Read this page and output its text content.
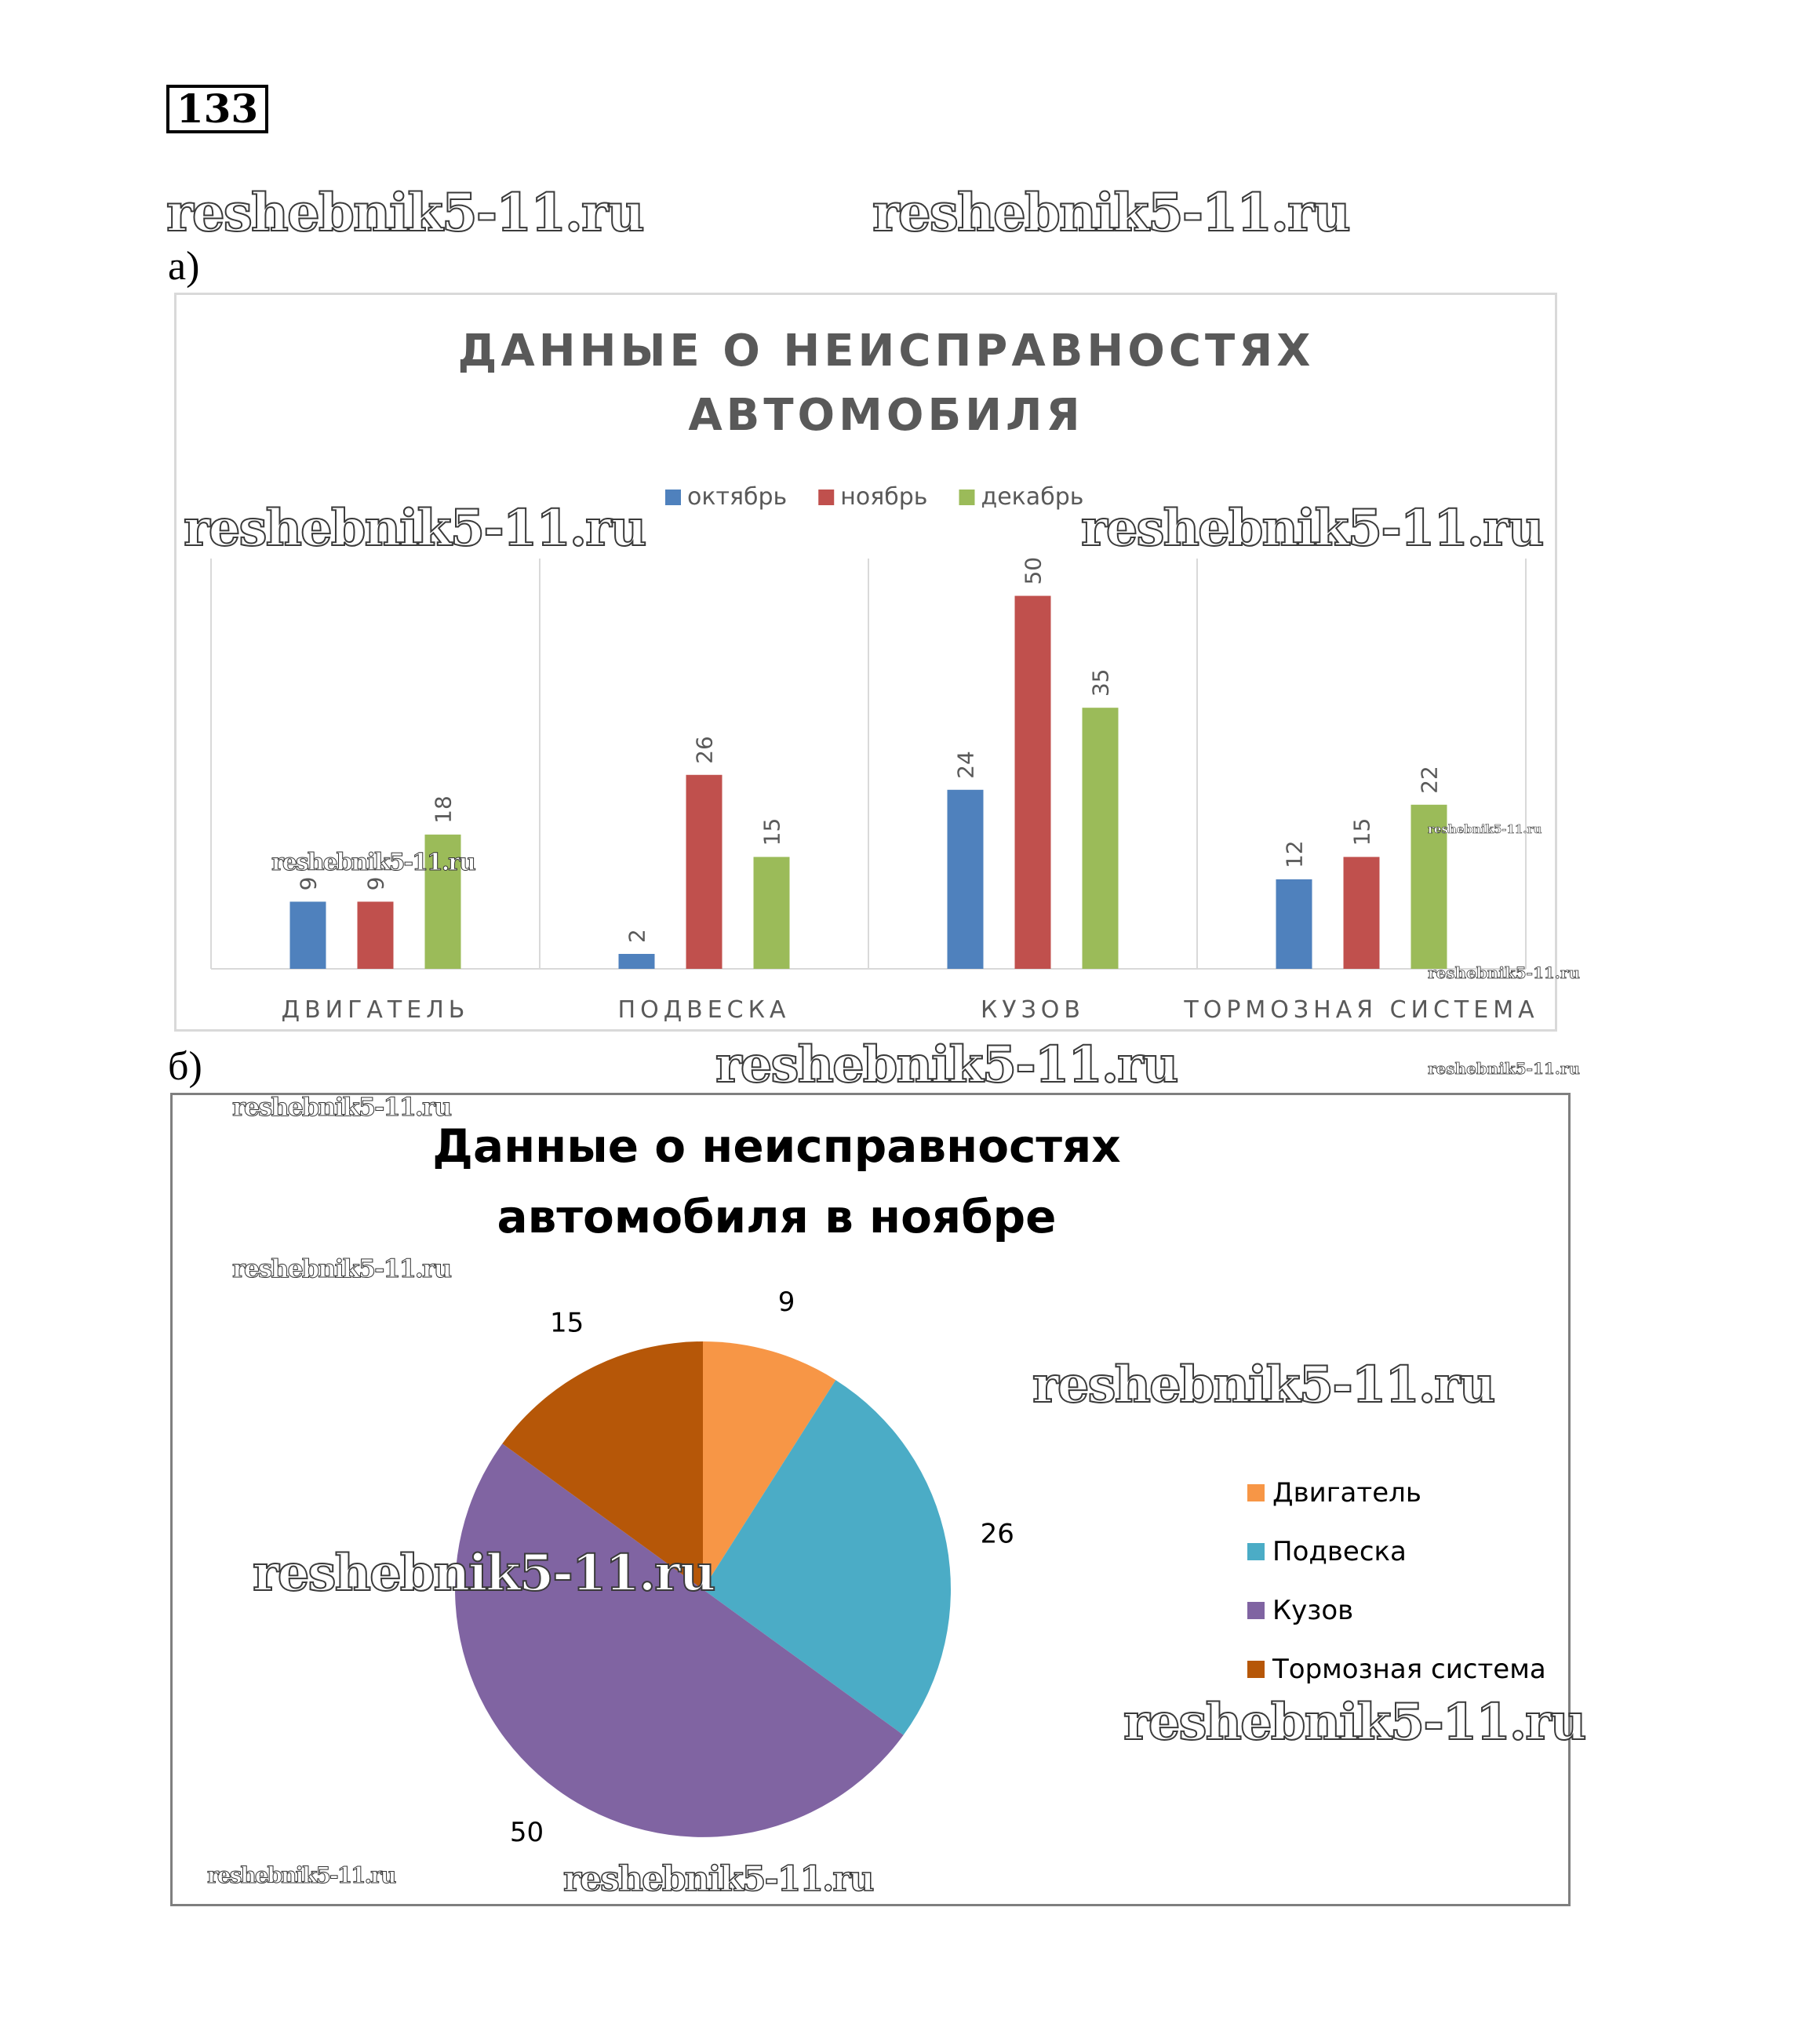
133
а)
б)
ДАННЫЕ О НЕИСПРАВНОСТЯХ
АВТОМОБИЛЯ
октябрь ноябрь декабрь
9 9
18
ДВИГАТЕЛЬ
2
26
15
ПОДВЕСКА
24
50
35
КУЗОВ
12
15
22
ТОРМОЗНАЯ СИСТЕМА
Данные о неисправностях
автомобиля в ноябре
9
26
50
15
Двигатель
Подвеска
Кузов
Тормозная система
reshebnik5-11.ru	reshebnik5-11.ru
reshebnik5-11.ru	reshebnik5-11.ru
reshebnik5-11.ru
reshebnik5-11.ru
reshebnik5-11.ru
reshebnik5-11.ru	reshebnik5-11.ru
reshebnik5-11.ru
reshebnik5-11.ru
reshebnik5-11.ru
reshebnik5-11.ru
reshebnik5-11.ru
reshebnik5-11.ru	reshebnik5-11.ru
